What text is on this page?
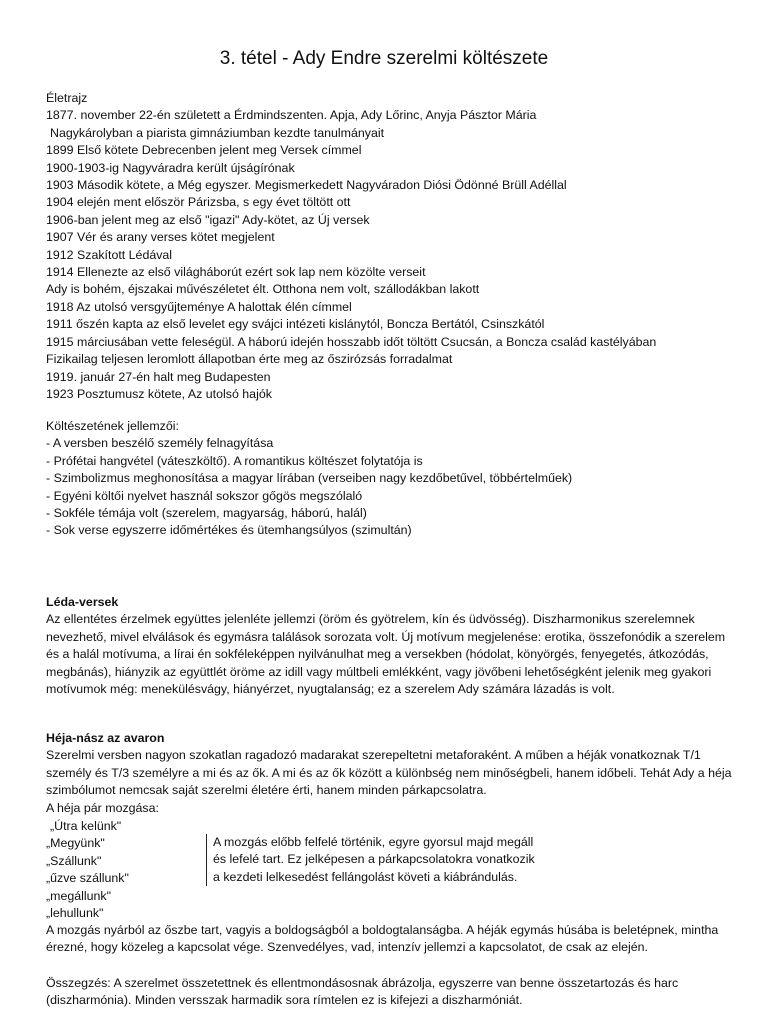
3. tétel - Ady Endre szerelmi költészete
Életrajz
1877. november 22-én született a Érdmindszenten. Apja, Ady Lőrinc, Anyja Pásztor Mária
Nagykárolyban a piarista gimnáziumban kezdte tanulmányait
1899 Első kötete Debrecenben jelent meg Versek címmel
1900-1903-ig Nagyváradra került újságírónak
1903 Második kötete, a Még egyszer. Megismerkedett Nagyváradon Diósi Ödönné Brüll Adéllal
1904 elején ment először Párizsba, s egy évet töltött ott
1906-ban jelent meg az első "igazi" Ady-kötet, az Új versek
1907 Vér és arany verses kötet megjelent
1912 Szakított Lédával
1914 Ellenezte az első világháborút ezért sok lap nem közölte verseit
Ady is bohém, éjszakai művészéletet élt. Otthona nem volt, szállodákban lakott
1918 Az utolsó versgyűjteménye A halottak élén címmel
1911 őszén kapta az első levelet egy svájci intézeti kislánytól, Boncza Bertától, Csinszkától
1915 márciusában vette feleségül. A háború idején hosszabb időt töltött Csucsán, a Boncza család kastélyában
Fizikailag teljesen leromlott állapotban érte meg az őszirózsás forradalmat
1919. január 27-én halt meg Budapesten
1923 Posztumusz kötete, Az utolsó hajók
Költészetének jellemzői:
- A versben beszélő személy felnagyítása
- Prófétai hangvétel (váteszköltő). A romantikus költészet folytatója is
- Szimbolizmus meghonosítása a magyar lírában (verseiben nagy kezdőbetűvel, többértelműek)
- Egyéni költői nyelvet használ sokszor gőgös megszólaló
- Sokféle témája volt (szerelem, magyarság, háború, halál)
- Sok verse egyszerre időmértékes és ütemhangsúlyos (szimultán)
Léda-versek
Az ellentétes érzelmek együttes jelenléte jellemzi (öröm és gyötrelem, kín és üdvösség). Diszharmonikus szerelemnek nevezhető, mivel elválások és egymásra találások sorozata volt. Új motívum megjelenése: erotika, összefonódik a szerelem és a halál motívuma, a lírai én sokféleképpen nyilvánulhat meg a versekben (hódolat, könyörgés, fenyegetés, átkozódás, megbánás), hiányzik az együttlét öröme az idill vagy múltbeli emlékként, vagy jövőbeni lehetőségként jelenik meg gyakori motívumok még: menekülésvágy, hiányérzet, nyugtalanság; ez a szerelem Ady számára lázadás is volt.
Héja-nász az avaron
Szerelmi versben nagyon szokatlan ragadozó madarakat szerepeltetni metaforaként. A műben a héják vonatkoznak T/1 személy és T/3 személyre a mi és az ők. A mi és az ők között a különbség nem minőségbeli, hanem időbeli. Tehát Ady a héja szimbólumot nemcsak saját szerelmi életére érti, hanem minden párkapcsolatra.
A héja pár mozgása:
„Útra kelünk"
„Megyünk"
„Szállunk"
„űzve szállunk"
„megállunk"
„lehullunk"
A mozgás előbb felfelé történik, egyre gyorsul majd megáll
és lefelé tart. Ez jelképesen a párkapcsolatokra vonatkozik
a kezdeti lelkesedést fellángolást követi a kiábrándulás.
A mozgás nyárból az őszbe tart, vagyis a boldogságból a boldogtalanságba. A héják egymás húsába is beletépnek, mintha érezné, hogy közeleg a kapcsolat vége. Szenvedélyes, vad, intenzív jellemzi a kapcsolatot, de csak az elején.
Összegzés: A szerelmet összetettnek és ellentmondásosnak ábrázolja, egyszerre van benne összetartozás és harc (diszharmónia). Minden versszak harmadik sora rímtelen ez is kifejezi a diszharmóniát.
